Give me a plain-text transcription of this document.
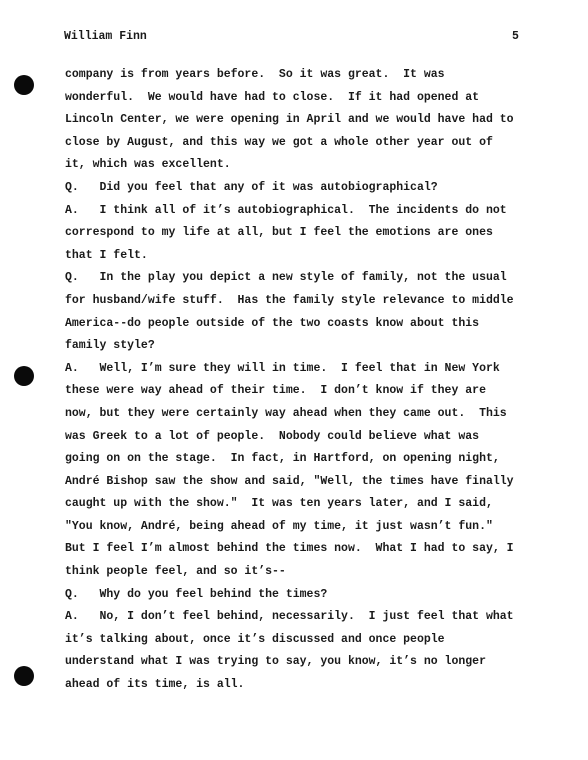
William Finn	5
company is from years before.  So it was great.  It was
wonderful.  We would have had to close.  If it had opened at
Lincoln Center, we were opening in April and we would have had to
close by August, and this way we got a whole other year out of
it, which was excellent.
Q.   Did you feel that any of it was autobiographical?
A.   I think all of it’s autobiographical.  The incidents do not
correspond to my life at all, but I feel the emotions are ones
that I felt.
Q.   In the play you depict a new style of family, not the usual
for husband/wife stuff.  Has the family style relevance to middle
America--do people outside of the two coasts know about this
family style?
A.   Well, I’m sure they will in time.  I feel that in New York
these were way ahead of their time.  I don’t know if they are
now, but they were certainly way ahead when they came out.  This
was Greek to a lot of people.  Nobody could believe what was
going on on the stage.  In fact, in Hartford, on opening night,
André Bishop saw the show and said, "Well, the times have finally
caught up with the show."  It was ten years later, and I said,
"You know, André, being ahead of my time, it just wasn’t fun."
But I feel I’m almost behind the times now.  What I had to say, I
think people feel, and so it’s--
Q.   Why do you feel behind the times?
A.   No, I don’t feel behind, necessarily.  I just feel that what
it’s talking about, once it’s discussed and once people
understand what I was trying to say, you know, it’s no longer
ahead of its time, is all.
